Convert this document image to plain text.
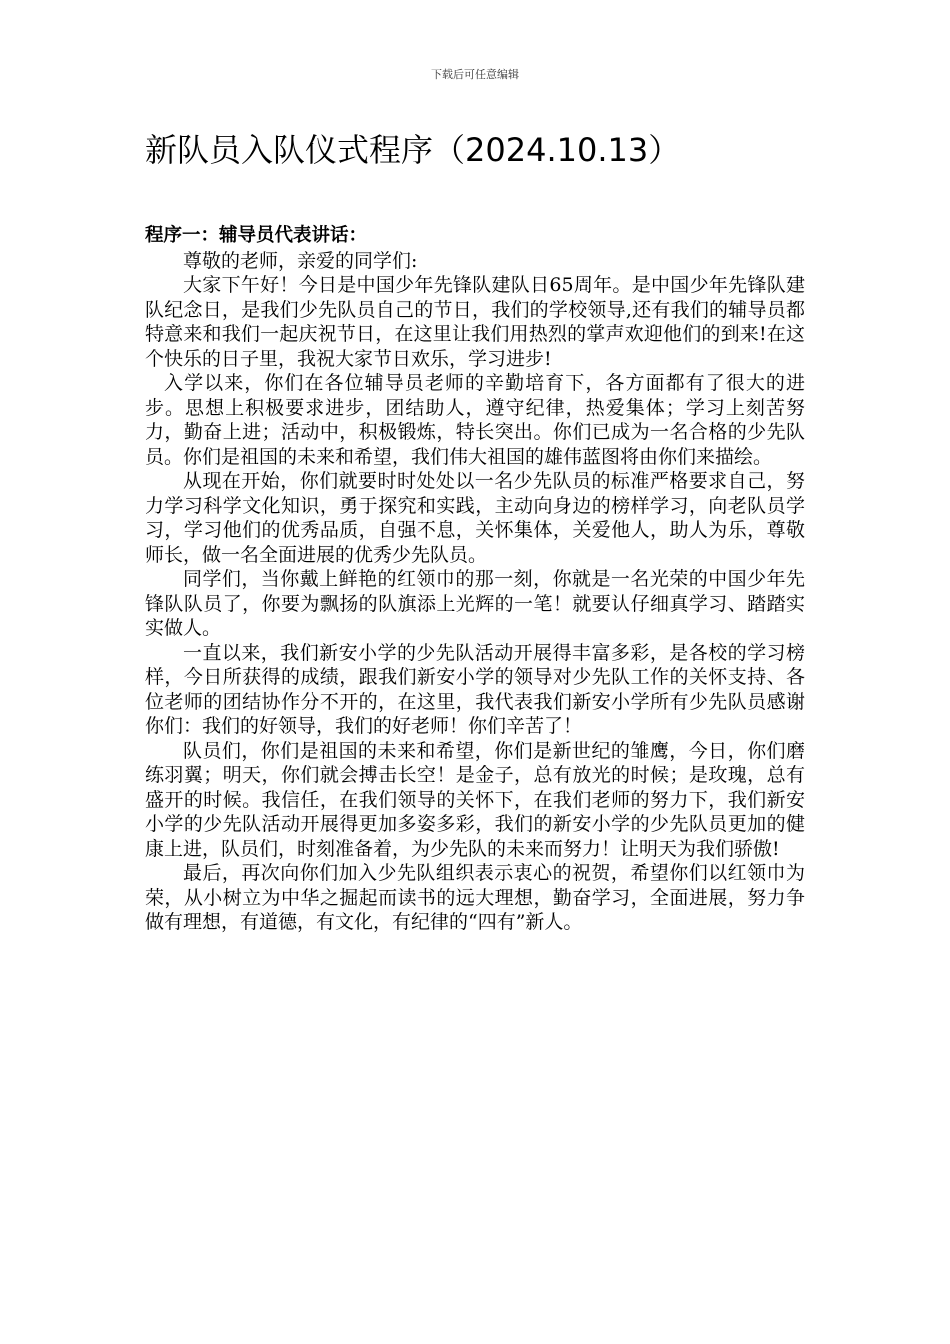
下载后可任意编辑
新队员入队仪式程序（2024.10.13）

程序一：辅导员代表讲话：

尊敬的老师，亲爱的同学们:

大家下午好！今日是中国少年先锋队建队日65周年。是中国少年先锋队建队纪念日，是我们少先队员自己的节日，我们的学校领导,还有我们的辅导员都特意来和我们一起庆祝节日，在这里让我们用热烈的掌声欢迎他们的到来!在这个快乐的日子里，我祝大家节日欢乐，学习进步!

入学以来，你们在各位辅导员老师的辛勤培育下，各方面都有了很大的进步。思想上积极要求进步，团结助人，遵守纪律，热爱集体；学习上刻苦努力，勤奋上进；活动中，积极锻炼，特长突出。你们已成为一名合格的少先队员。你们是祖国的未来和希望，我们伟大祖国的雄伟蓝图将由你们来描绘。

从现在开始，你们就要时时处处以一名少先队员的标准严格要求自己，努力学习科学文化知识，勇于探究和实践，主动向身边的榜样学习，向老队员学习，学习他们的优秀品质，自强不息，关怀集体，关爱他人，助人为乐，尊敬师长，做一名全面进展的优秀少先队员。

同学们，当你戴上鲜艳的红领巾的那一刻，你就是一名光荣的中国少年先锋队队员了，你要为飘扬的队旗添上光辉的一笔！就要认仔细真学习、踏踏实实做人。

一直以来，我们新安小学的少先队活动开展得丰富多彩，是各校的学习榜样，今日所获得的成绩，跟我们新安小学的领导对少先队工作的关怀支持、各位老师的团结协作分不开的，在这里，我代表我们新安小学所有少先队员感谢你们：我们的好领导，我们的好老师！你们辛苦了！

队员们，你们是祖国的未来和希望，你们是新世纪的雏鹰，今日，你们磨练羽翼；明天，你们就会搏击长空！是金子，总有放光的时候；是玫瑰，总有盛开的时候。我信任，在我们领导的关怀下，在我们老师的努力下，我们新安小学的少先队活动开展得更加多姿多彩，我们的新安小学的少先队员更加的健康上进，队员们，时刻准备着，为少先队的未来而努力！让明天为我们骄傲!

最后，再次向你们加入少先队组织表示衷心的祝贺，希望你们以红领巾为荣，从小树立为中华之掘起而读书的远大理想，勤奋学习，全面进展，努力争做有理想，有道德，有文化，有纪律的“四有”新人。
